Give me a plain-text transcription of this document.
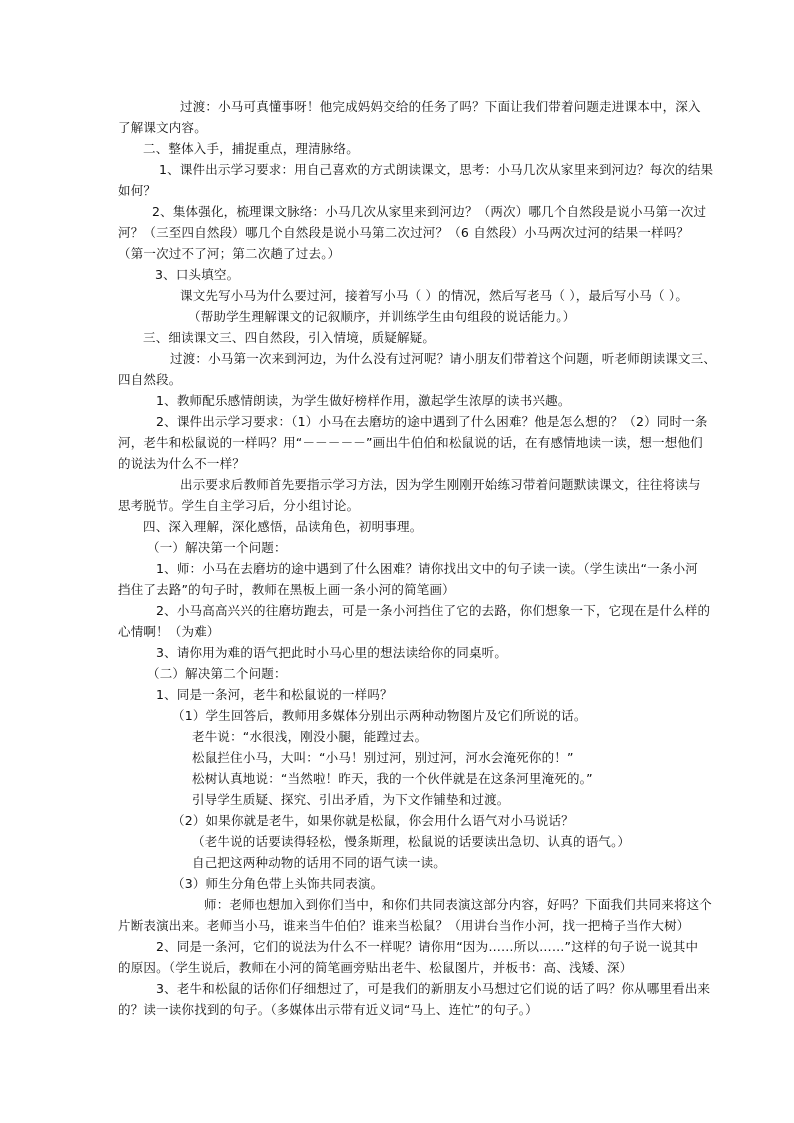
过渡：小马可真懂事呀！他完成妈妈交给的任务了吗？下面让我们带着问题走进课本中，深入
了解课文内容。
二、整体入手，捕捉重点，理清脉络。
1、课件出示学习要求：用自己喜欢的方式朗读课文，思考：小马几次从家里来到河边？每次的结果
如何？
2、集体强化，梳理课文脉络：小马几次从家里来到河边？（两次）哪几个自然段是说小马第一次过
河？（三至四自然段）哪几个自然段是说小马第二次过河？（6 自然段）小马两次过河的结果一样吗？
（第一次过不了河；第二次趟了过去。）
3、口头填空。
课文先写小马为什么要过河，接着写小马（ ）的情况，然后写老马（ ），最后写小马（ ）。
（帮助学生理解课文的记叙顺序，并训练学生由句组段的说话能力。）
三、细读课文三、四自然段，引入情境，质疑解疑。
过渡：小马第一次来到河边，为什么没有过河呢？请小朋友们带着这个问题，听老师朗读课文三、
四自然段。
1、教师配乐感情朗读，为学生做好榜样作用，激起学生浓厚的读书兴趣。
2、课件出示学习要求：（1）小马在去磨坊的途中遇到了什么困难？他是怎么想的？（2）同时一条
河，老牛和松鼠说的一样吗？用“－－－－－”画出牛伯伯和松鼠说的话，在有感情地读一读，想一想他们
的说法为什么不一样？
出示要求后教师首先要指示学习方法，因为学生刚刚开始练习带着问题默读课文，往往将读与
思考脱节。学生自主学习后，分小组讨论。
四、深入理解，深化感悟，品读角色，初明事理。
（一）解决第一个问题：
1、师：小马在去磨坊的途中遇到了什么困难？请你找出文中的句子读一读。（学生读出“一条小河
挡住了去路”的句子时，教师在黑板上画一条小河的简笔画）
2、小马高高兴兴的往磨坊跑去，可是一条小河挡住了它的去路，你们想象一下，它现在是什么样的
心情啊！（为难）
3、请你用为难的语气把此时小马心里的想法读给你的同桌听。
（二）解决第二个问题：
1、同是一条河，老牛和松鼠说的一样吗？
（1）学生回答后，教师用多媒体分别出示两种动物图片及它们所说的话。
老牛说：“水很浅，刚没小腿，能蹚过去。
松鼠拦住小马，大叫：“小马！别过河，别过河，河水会淹死你的！”
松树认真地说：“当然啦！昨天，我的一个伙伴就是在这条河里淹死的。”
引导学生质疑、探究、引出矛盾，为下文作铺垫和过渡。
（2）如果你就是老牛，如果你就是松鼠，你会用什么语气对小马说话？
（老牛说的话要读得轻松，慢条斯理，松鼠说的话要读出急切、认真的语气。）
自己把这两种动物的话用不同的语气读一读。
（3）师生分角色带上头饰共同表演。
师：老师也想加入到你们当中，和你们共同表演这部分内容，好吗？下面我们共同来将这个
片断表演出来。老师当小马，谁来当牛伯伯？谁来当松鼠？（用讲台当作小河，找一把椅子当作大树）
2、同是一条河，它们的说法为什么不一样呢？请你用“因为……所以……”这样的句子说一说其中
的原因。（学生说后，教师在小河的简笔画旁贴出老牛、松鼠图片，并板书：高、浅矮、深）
3、老牛和松鼠的话你们仔细想过了，可是我们的新朋友小马想过它们说的话了吗？你从哪里看出来
的？读一读你找到的句子。（多媒体出示带有近义词“马上、连忙”的句子。）
